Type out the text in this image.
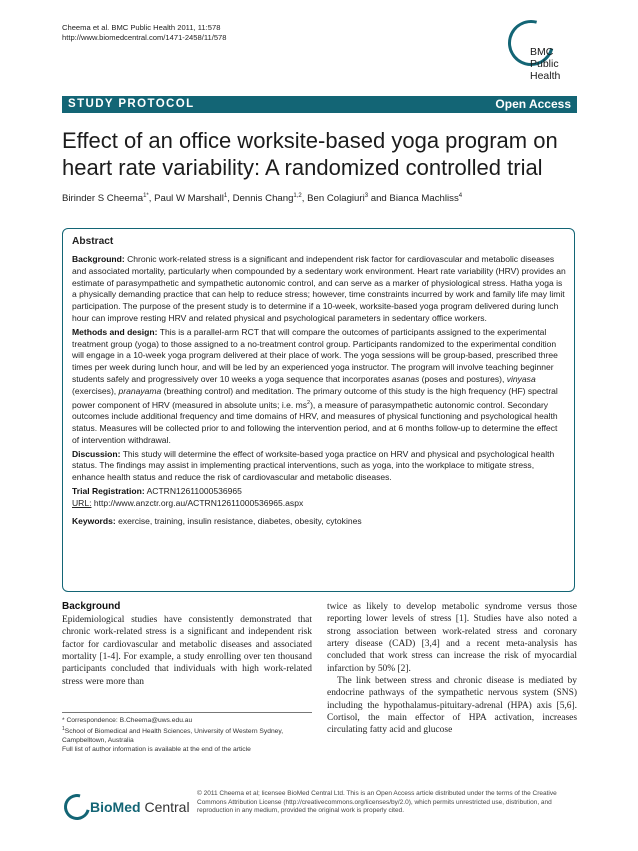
Cheema et al. BMC Public Health 2011, 11:578
http://www.biomedcentral.com/1471-2458/11/578
BMC
Public Health
STUDY PROTOCOL	Open Access
Effect of an office worksite-based yoga program on
heart rate variability: A randomized controlled trial
Birinder S Cheema$^{1*}$, Paul W Marshall$^1$, Dennis Chang$^{1,2}$, Ben Colagiuri$^3$ and Bianca Machliss$^4$
Abstract

Background: Chronic work-related stress is a significant and independent risk factor for cardiovascular and metabolic diseases and associated mortality, particularly when compounded by a sedentary work environment. Heart rate variability (HRV) provides an estimate of parasympathetic and sympathetic autonomic control, and can serve as a marker of physiological stress. Hatha yoga is a physically demanding practice that can help to reduce stress; however, time constraints incurred by work and family life may limit participation. The purpose of the present study is to determine if a 10-week, worksite-based yoga program delivered during lunch hour can improve resting HRV and related physical and psychological parameters in sedentary office workers.

Methods and design: This is a parallel-arm RCT that will compare the outcomes of participants assigned to the experimental treatment group (yoga) to those assigned to a no-treatment control group. Participants randomized to the experimental condition will engage in a 10-week yoga program delivered at their place of work. The yoga sessions will be group-based, prescribed three times per week during lunch hour, and will be led by an experienced yoga instructor. The program will involve teaching beginner students safely and progressively over 10 weeks a yoga sequence that incorporates asanas (poses and postures), vinyasa (exercises), pranayama (breathing control) and meditation. The primary outcome of this study is the high frequency (HF) spectral power component of HRV (measured in absolute units; i.e. $ms^2$), a measure of parasympathetic autonomic control. Secondary outcomes include additional frequency and time domains of HRV, and measures of physical functioning and psychological health status. Measures will be collected prior to and following the intervention period, and at 6 months follow-up to determine the effect of intervention withdrawal.

Discussion: This study will determine the effect of worksite-based yoga practice on HRV and physical and psychological health status. The findings may assist in implementing practical interventions, such as yoga, into the workplace to mitigate stress, enhance health status and reduce the risk of cardiovascular and metabolic diseases.

Trial Registration: ACTRN12611000536965

URL: http://www.anzctr.org.au/ACTRN12611000536965.aspx

Keywords: exercise, training, insulin resistance, diabetes, obesity, cytokines

Background

Epidemiological studies have consistently demonstrated that chronic work-related stress is a significant and independent risk factor for cardiovascular and metabolic diseases and associated mortality [1-4]. For example, a study enrolling over ten thousand participants concluded that individuals with high work-related stress were more than

twice as likely to develop metabolic syndrome versus those reporting lower levels of stress [1]. Studies have also noted a strong association between work-related stress and coronary artery disease (CAD) [3,4] and a recent meta-analysis has concluded that work stress can increase the risk of myocardial infarction by 50% [2].

The link between stress and chronic disease is mediated by endocrine pathways of the sympathetic nervous system (SNS) including the hypothalamus-pituitary-adrenal (HPA) axis [5,6]. Cortisol, the main effector of HPA activation, increases circulating fatty acid and glucose

* Correspondence: B.Cheema@uws.edu.au
$^1$School of Biomedical and Health Sciences, University of Western Sydney,
Campbelltown, Australia
Full list of author information is available at the end of the article
BioMed Central
© 2011 Cheema et al; licensee BioMed Central Ltd. This is an Open Access article distributed under the terms of the Creative Commons Attribution License (http://creativecommons.org/licenses/by/2.0), which permits unrestricted use, distribution, and reproduction in any medium, provided the original work is properly cited.
